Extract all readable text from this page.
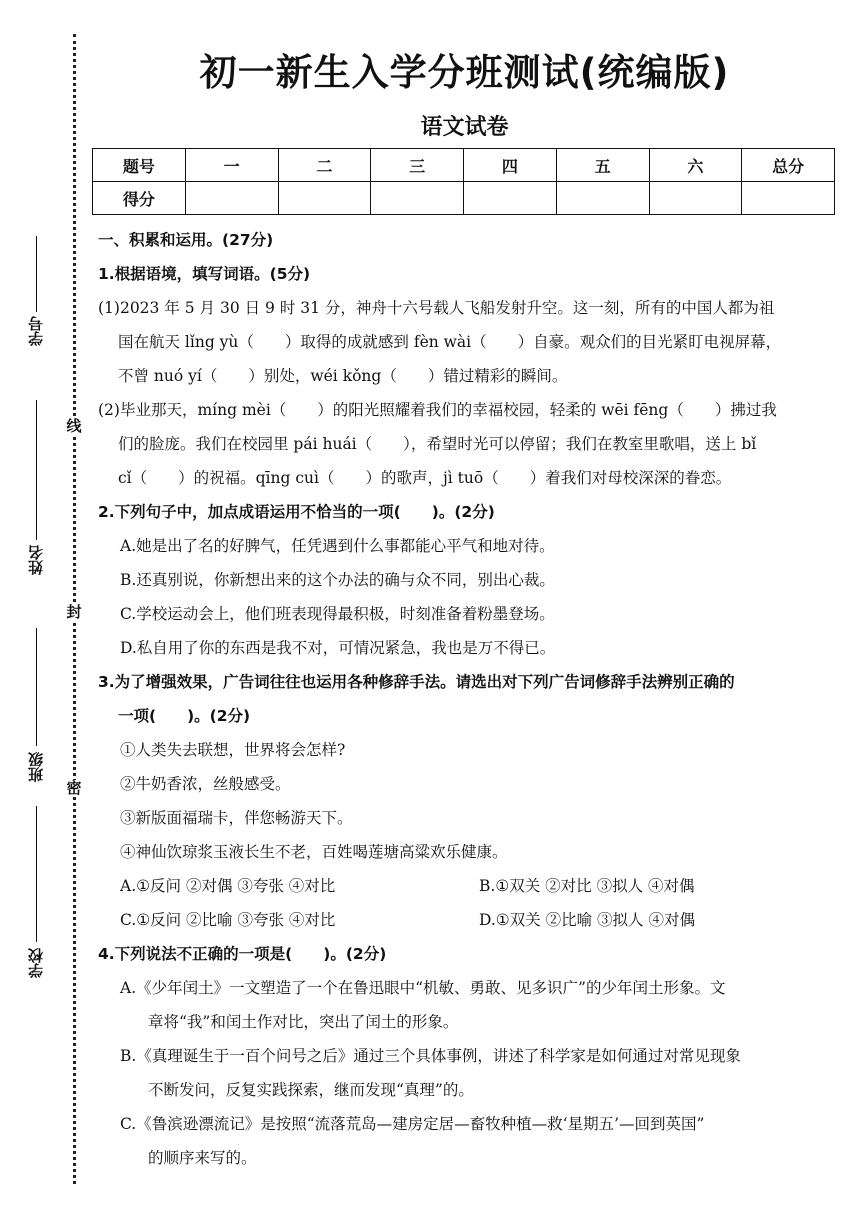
学号
姓名
班级
学校
线
封
密
初一新生入学分班测试(统编版)
语文试卷
题号	一	二	三	四	五	六	总分
得分							
一、积累和运用。(27分)
1.根据语境，填写词语。(5分)
(1)2023 年 5 月 30 日 9 时 31 分，神舟十六号载人飞船发射升空。这一刻，所有的中国人都为祖
国在航天 lǐng yù（　　）取得的成就感到 fèn wài（　　）自豪。观众们的目光紧盯电视屏幕，
不曾 nuó yí（　　）别处，wéi kǒng（　　）错过精彩的瞬间。
(2)毕业那天，míng mèi（　　）的阳光照耀着我们的幸福校园，轻柔的 wēi fēng（　　）拂过我
们的脸庞。我们在校园里 pái huái（　　），希望时光可以停留；我们在教室里歌唱，送上 bǐ
cǐ（　　）的祝福。qīng cuì（　　）的歌声，jì tuō（　　）着我们对母校深深的眷恋。
2.下列句子中，加点成语运用不恰当的一项(　　)。(2分)
A.她是出了名的好脾气，任凭遇到什么事都能心平气和地对待。
B.还真别说，你新想出来的这个办法的确与众不同，别出心裁。
C.学校运动会上，他们班表现得最积极，时刻准备着粉墨登场。
D.私自用了你的东西是我不对，可情况紧急，我也是万不得已。
3.为了增强效果，广告词往往也运用各种修辞手法。请选出对下列广告词修辞手法辨别正确的
一项(　　)。(2分)
①人类失去联想，世界将会怎样?
②牛奶香浓，丝般感受。
③新版面福瑞卡，伴您畅游天下。
④神仙饮琼浆玉液长生不老，百姓喝莲塘高粱欢乐健康。
A.①反问 ②对偶 ③夸张 ④对比	B.①双关 ②对比 ③拟人 ④对偶
C.①反问 ②比喻 ③夸张 ④对比	D.①双关 ②比喻 ③拟人 ④对偶
4.下列说法不正确的一项是(　　)。(2分)
A.《少年闰土》一文塑造了一个在鲁迅眼中“机敏、勇敢、见多识广”的少年闰土形象。文
章将“我”和闰土作对比，突出了闰土的形象。
B.《真理诞生于一百个问号之后》通过三个具体事例，讲述了科学家是如何通过对常见现象
不断发问，反复实践探索，继而发现“真理”的。
C.《鲁滨逊漂流记》是按照“流落荒岛—建房定居—畜牧种植—救‘星期五’—回到英国”
的顺序来写的。
